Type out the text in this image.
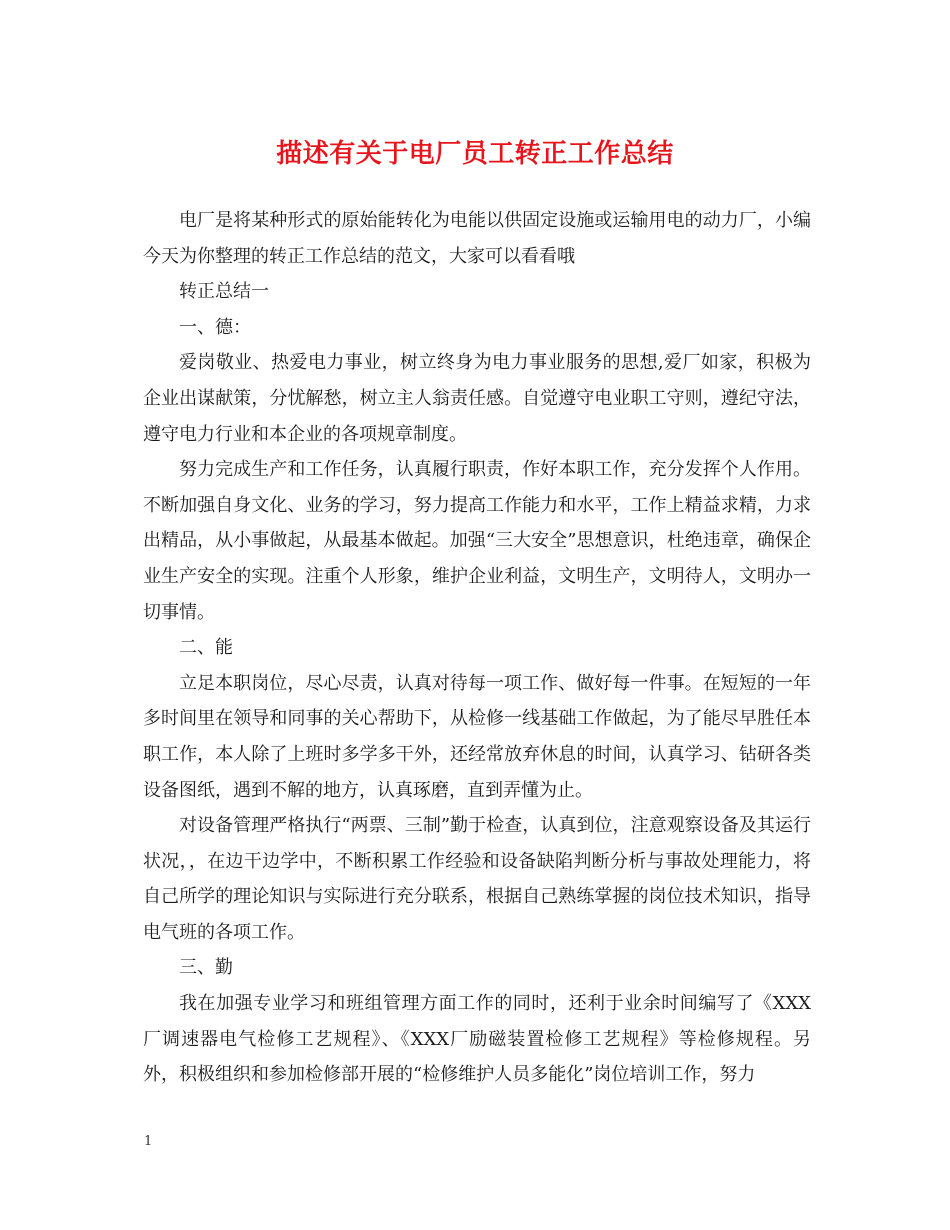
描述有关于电厂员工转正工作总结

电厂是将某种形式的原始能转化为电能以供固定设施或运输用电的动力厂，小编今天为你整理的转正工作总结的范文，大家可以看看哦

转正总结一

一、德：

爱岗敬业、热爱电力事业，树立终身为电力事业服务的思想,爱厂如家，积极为企业出谋献策，分忧解愁，树立主人翁责任感。自觉遵守电业职工守则，遵纪守法，遵守电力行业和本企业的各项规章制度。

努力完成生产和工作任务，认真履行职责，作好本职工作，充分发挥个人作用。不断加强自身文化、业务的学习，努力提高工作能力和水平，工作上精益求精，力求出精品，从小事做起，从最基本做起。加强“三大安全”思想意识，杜绝违章，确保企业生产安全的实现。注重个人形象，维护企业利益，文明生产，文明待人，文明办一切事情。

二、能

立足本职岗位，尽心尽责，认真对待每一项工作、做好每一件事。在短短的一年多时间里在领导和同事的关心帮助下，从检修一线基础工作做起，为了能尽早胜任本职工作，本人除了上班时多学多干外，还经常放弃休息的时间，认真学习、钻研各类设备图纸，遇到不解的地方，认真琢磨，直到弄懂为止。

对设备管理严格执行“两票、三制”勤于检查，认真到位，注意观察设备及其运行状况，，在边干边学中，不断积累工作经验和设备缺陷判断分析与事故处理能力，将自己所学的理论知识与实际进行充分联系，根据自己熟练掌握的岗位技术知识，指导电气班的各项工作。

三、勤

我在加强专业学习和班组管理方面工作的同时，还利于业余时间编写了《XXX厂调速器电气检修工艺规程》、《XXX厂励磁装置检修工艺规程》等检修规程。另外，积极组织和参加检修部开展的“检修维护人员多能化”岗位培训工作，努力

1
